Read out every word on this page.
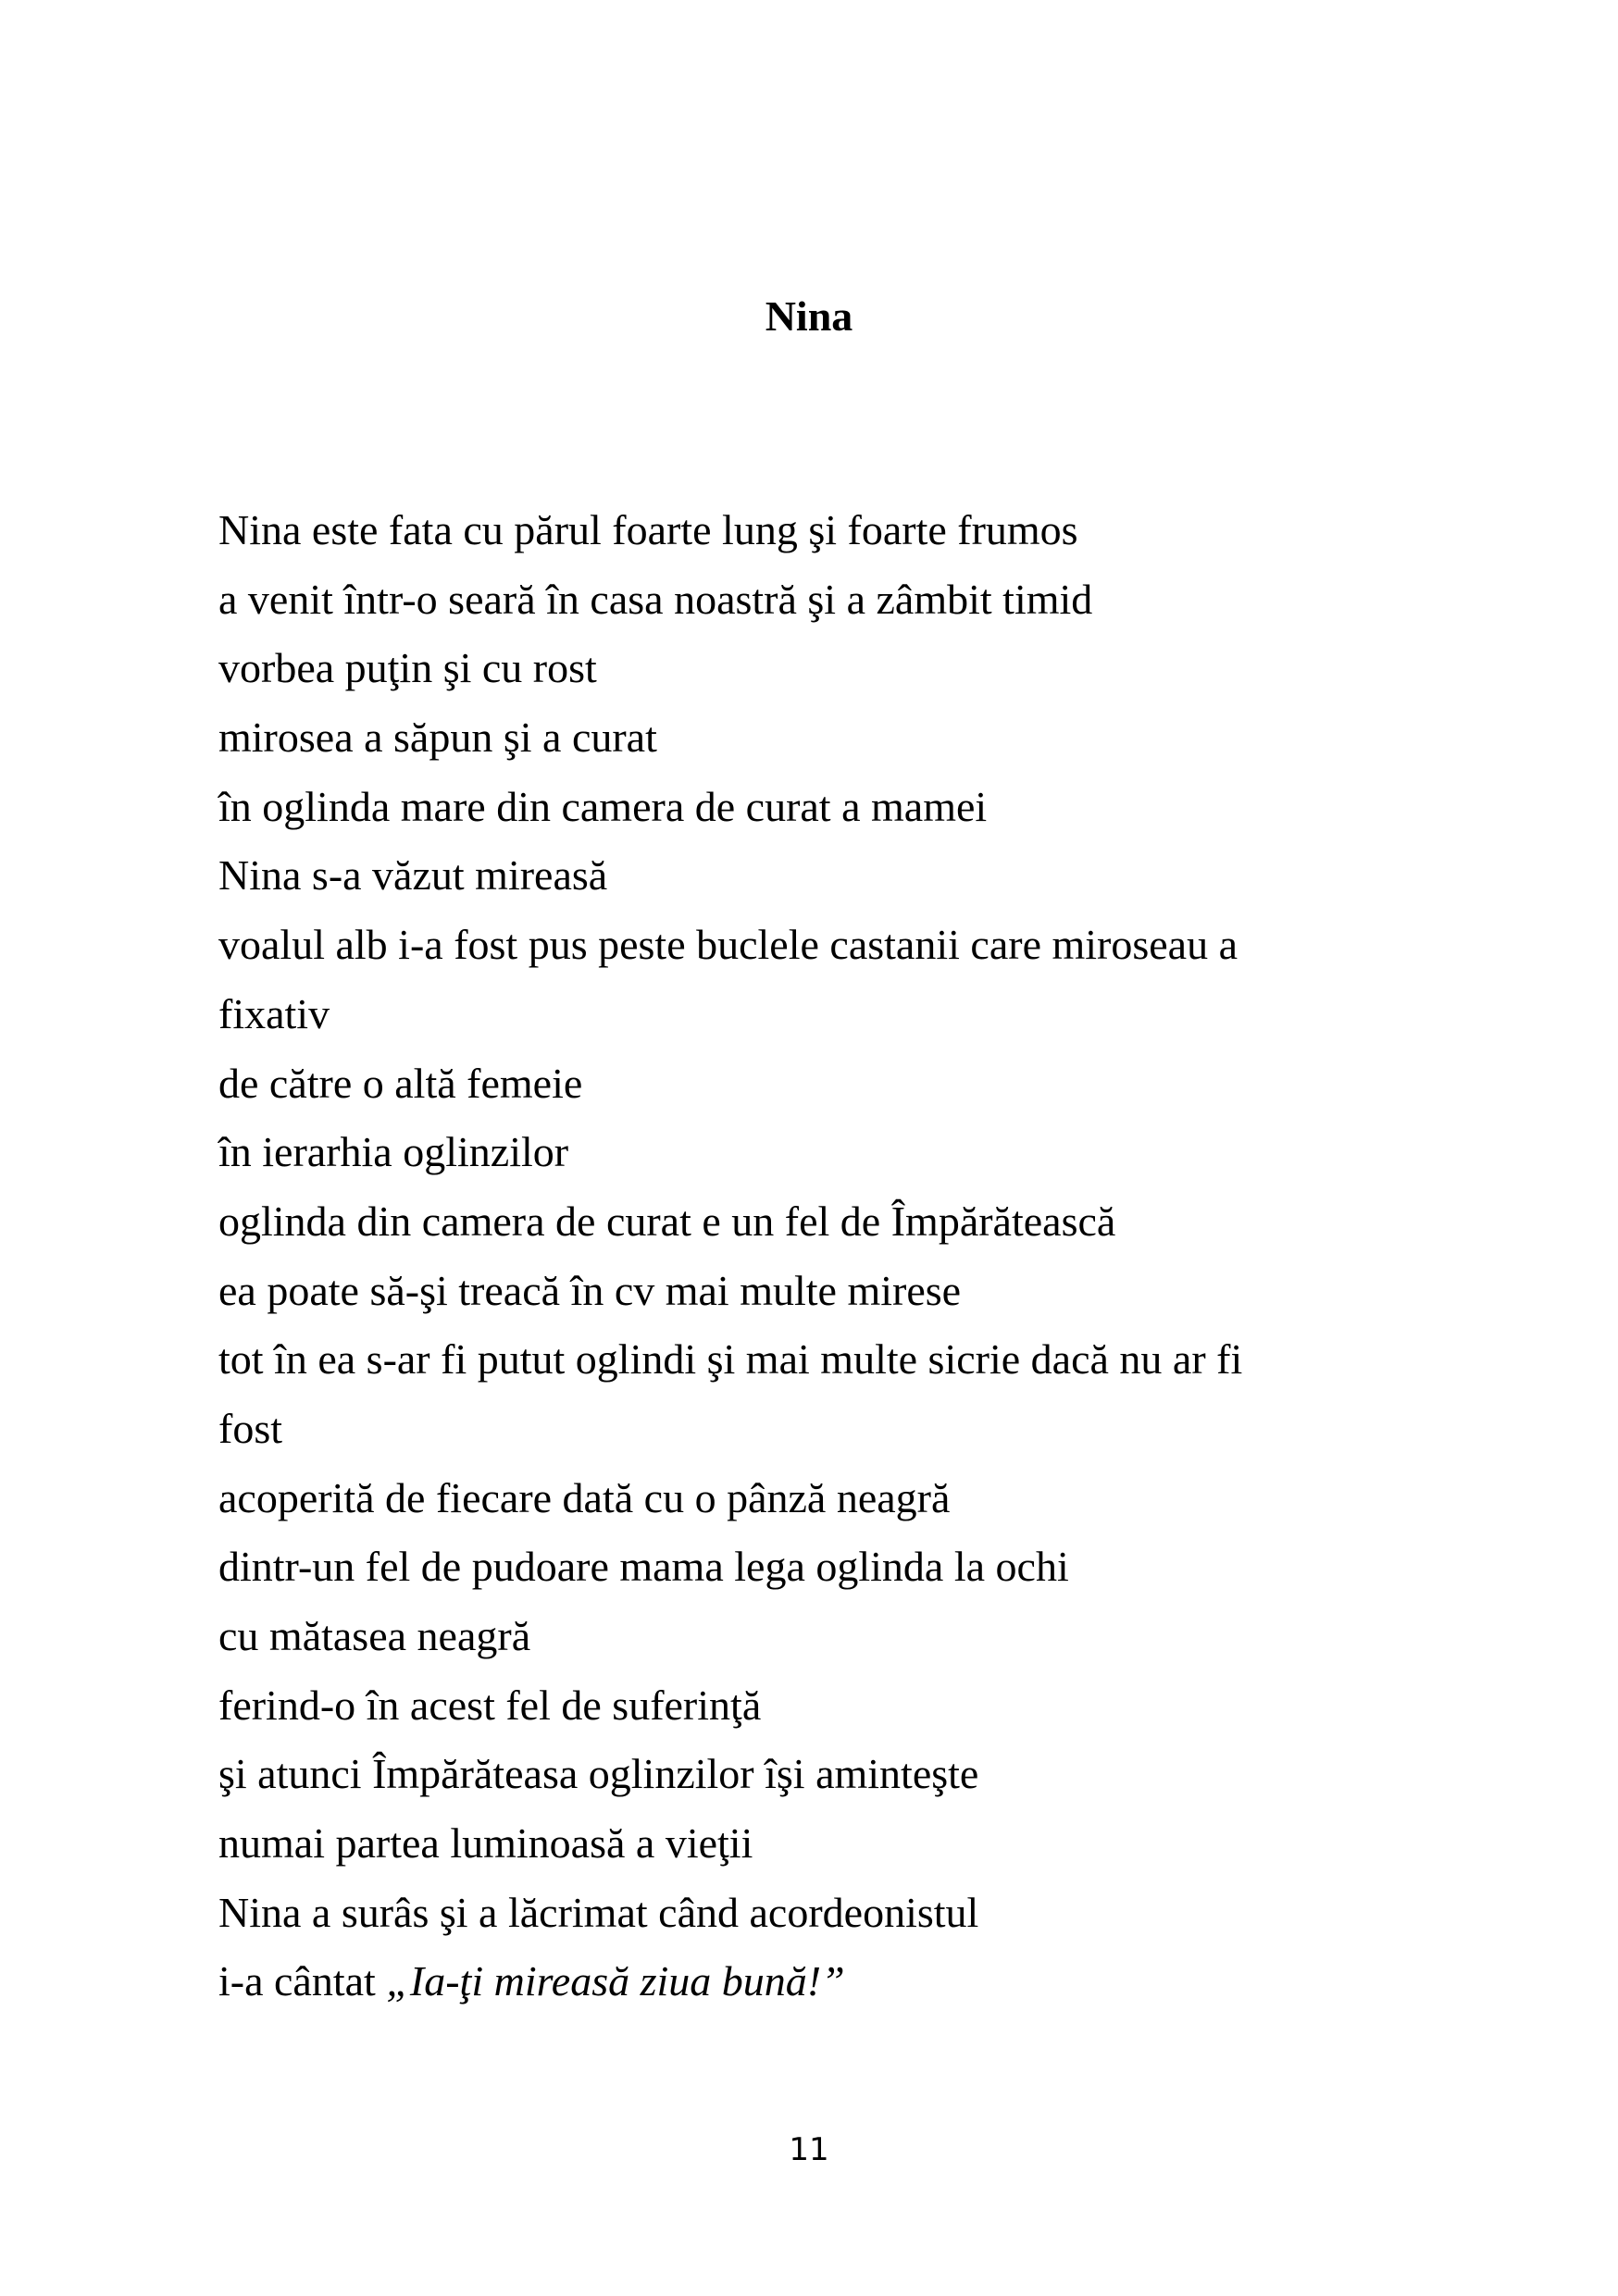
Nina
Nina este fata cu părul foarte lung şi foarte frumos
a venit într-o seară în casa noastră şi a zâmbit timid
vorbea puţin şi cu rost
mirosea a săpun şi a curat
în oglinda mare din camera de curat a mamei
Nina s-a văzut mireasă
voalul alb i-a fost pus peste buclele castanii care miroseau a
fixativ
de către o altă femeie
în ierarhia oglinzilor
oglinda din camera de curat e un fel de Împărătească
ea poate să-şi treacă în cv mai multe mirese
tot în ea s-ar fi putut oglindi şi mai multe sicrie dacă nu ar fi
fost
acoperită de fiecare dată cu o pânză neagră
dintr-un fel de pudoare mama lega oglinda la ochi
cu mătasea neagră
ferind-o în acest fel de suferinţă
şi atunci Împărăteasa oglinzilor îşi aminteşte
numai partea luminoasă a vieţii
Nina a surâs şi a lăcrimat când acordeonistul
i-a cântat „Ia-ţi mireasă ziua bună!”
11
